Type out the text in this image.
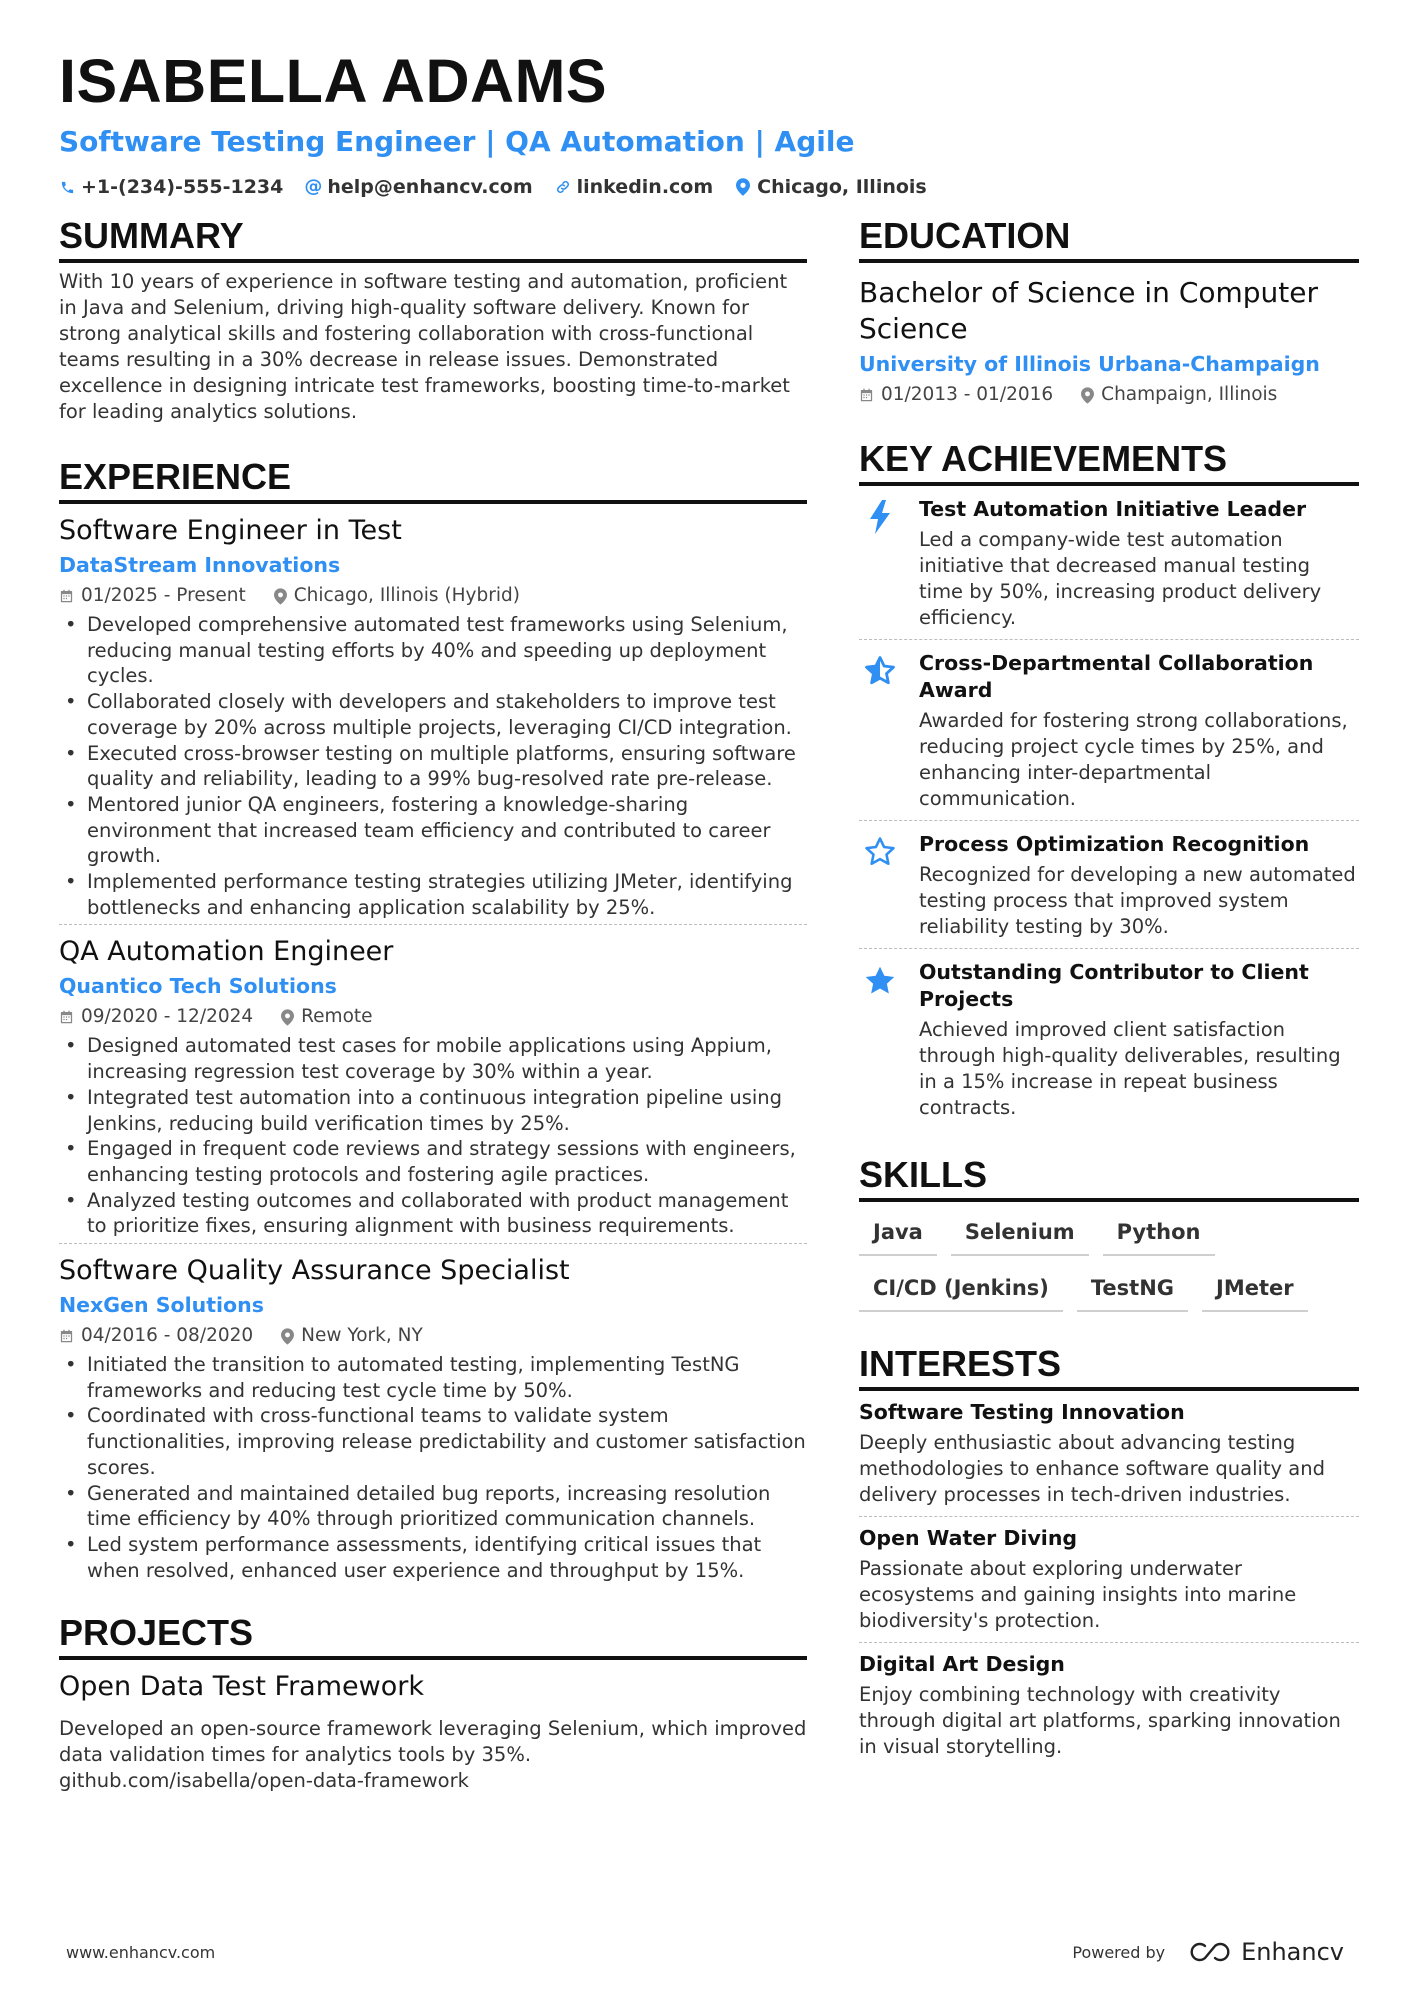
ISABELLA ADAMS
Software Testing Engineer | QA Automation | Agile
+1-(234)-555-1234 @ help@enhancv.com linkedin.com Chicago, Illinois
SUMMARY
With 10 years of experience in software testing and automation, proficient in Java and Selenium, driving high-quality software delivery. Known for strong analytical skills and fostering collaboration with cross-functional teams resulting in a 30% decrease in release issues. Demonstrated excellence in designing intricate test frameworks, boosting time-to-market for leading analytics solutions.
EXPERIENCE
Software Engineer in Test
DataStream Innovations
01/2025 - Present	Chicago, Illinois (Hybrid)
• Developed comprehensive automated test frameworks using Selenium, reducing manual testing efforts by 40% and speeding up deployment cycles.
• Collaborated closely with developers and stakeholders to improve test coverage by 20% across multiple projects, leveraging CI/CD integration.
• Executed cross-browser testing on multiple platforms, ensuring software quality and reliability, leading to a 99% bug-resolved rate pre-release.
• Mentored junior QA engineers, fostering a knowledge-sharing environment that increased team efficiency and contributed to career growth.
• Implemented performance testing strategies utilizing JMeter, identifying bottlenecks and enhancing application scalability by 25%.
QA Automation Engineer
Quantico Tech Solutions
09/2020 - 12/2024	Remote
• Designed automated test cases for mobile applications using Appium, increasing regression test coverage by 30% within a year.
• Integrated test automation into a continuous integration pipeline using Jenkins, reducing build verification times by 25%.
• Engaged in frequent code reviews and strategy sessions with engineers, enhancing testing protocols and fostering agile practices.
• Analyzed testing outcomes and collaborated with product management to prioritize fixes, ensuring alignment with business requirements.
Software Quality Assurance Specialist
NexGen Solutions
04/2016 - 08/2020	New York, NY
• Initiated the transition to automated testing, implementing TestNG frameworks and reducing test cycle time by 50%.
• Coordinated with cross-functional teams to validate system functionalities, improving release predictability and customer satisfaction scores.
• Generated and maintained detailed bug reports, increasing resolution time efficiency by 40% through prioritized communication channels.
• Led system performance assessments, identifying critical issues that when resolved, enhanced user experience and throughput by 15%.
PROJECTS
Open Data Test Framework
Developed an open-source framework leveraging Selenium, which improved data validation times for analytics tools by 35%.
github.com/isabella/open-data-framework
EDUCATION
Bachelor of Science in Computer Science
University of Illinois Urbana-Champaign
01/2013 - 01/2016	Champaign, Illinois
KEY ACHIEVEMENTS
Test Automation Initiative Leader
Led a company-wide test automation initiative that decreased manual testing time by 50%, increasing product delivery efficiency.
Cross-Departmental Collaboration Award
Awarded for fostering strong collaborations, reducing project cycle times by 25%, and enhancing inter-departmental communication.
Process Optimization Recognition
Recognized for developing a new automated testing process that improved system reliability testing by 30%.
Outstanding Contributor to Client Projects
Achieved improved client satisfaction through high-quality deliverables, resulting in a 15% increase in repeat business contracts.
SKILLS
Java	Selenium	Python
CI/CD (Jenkins)	TestNG	JMeter
INTERESTS
Software Testing Innovation
Deeply enthusiastic about advancing testing methodologies to enhance software quality and delivery processes in tech-driven industries.
Open Water Diving
Passionate about exploring underwater ecosystems and gaining insights into marine biodiversity's protection.
Digital Art Design
Enjoy combining technology with creativity through digital art platforms, sparking innovation in visual storytelling.
www.enhancv.com	Powered by	Enhancv
